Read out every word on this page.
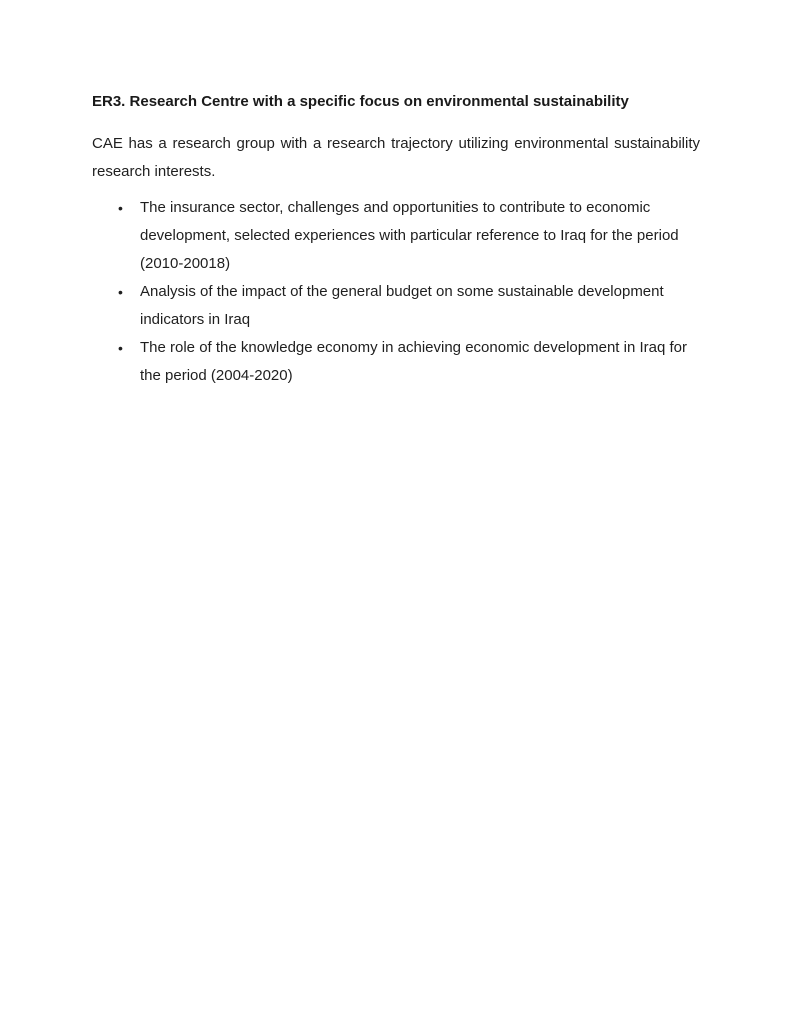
ER3. Research Centre with a specific focus on environmental sustainability

CAE has a research group with a research trajectory utilizing environmental sustainability research interests.

• The insurance sector, challenges and opportunities to contribute to economic development, selected experiences with particular reference to Iraq for the period (2010-20018)
• Analysis of the impact of the general budget on some sustainable development indicators in Iraq
• The role of the knowledge economy in achieving economic development in Iraq for the period (2004-2020)
